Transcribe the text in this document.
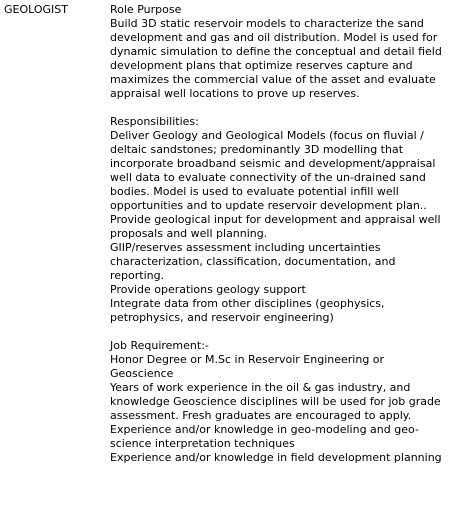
GEOLOGIST	Role Purpose
Build 3D static reservoir models to characterize the sand
development and gas and oil distribution. Model is used for
dynamic simulation to define the conceptual and detail field
development plans that optimize reserves capture and
maximizes the commercial value of the asset and evaluate
appraisal well locations to prove up reserves.
Responsibilities:
Deliver Geology and Geological Models (focus on fluvial /
deltaic sandstones; predominantly 3D modelling that
incorporate broadband seismic and development/appraisal
well data to evaluate connectivity of the un-drained sand
bodies. Model is used to evaluate potential infill well
opportunities and to update reservoir development plan..
Provide geological input for development and appraisal well
proposals and well planning.
GIIP/reserves assessment including uncertainties
characterization, classification, documentation, and
reporting.
Provide operations geology support
Integrate data from other disciplines (geophysics,
petrophysics, and reservoir engineering)
Job Requirement:-
Honor Degree or M.Sc in Reservoir Engineering or
Geoscience
Years of work experience in the oil & gas industry, and
knowledge Geoscience disciplines will be used for job grade
assessment. Fresh graduates are encouraged to apply.
Experience and/or knowledge in geo-modeling and geo-
science interpretation techniques
Experience and/or knowledge in field development planning
